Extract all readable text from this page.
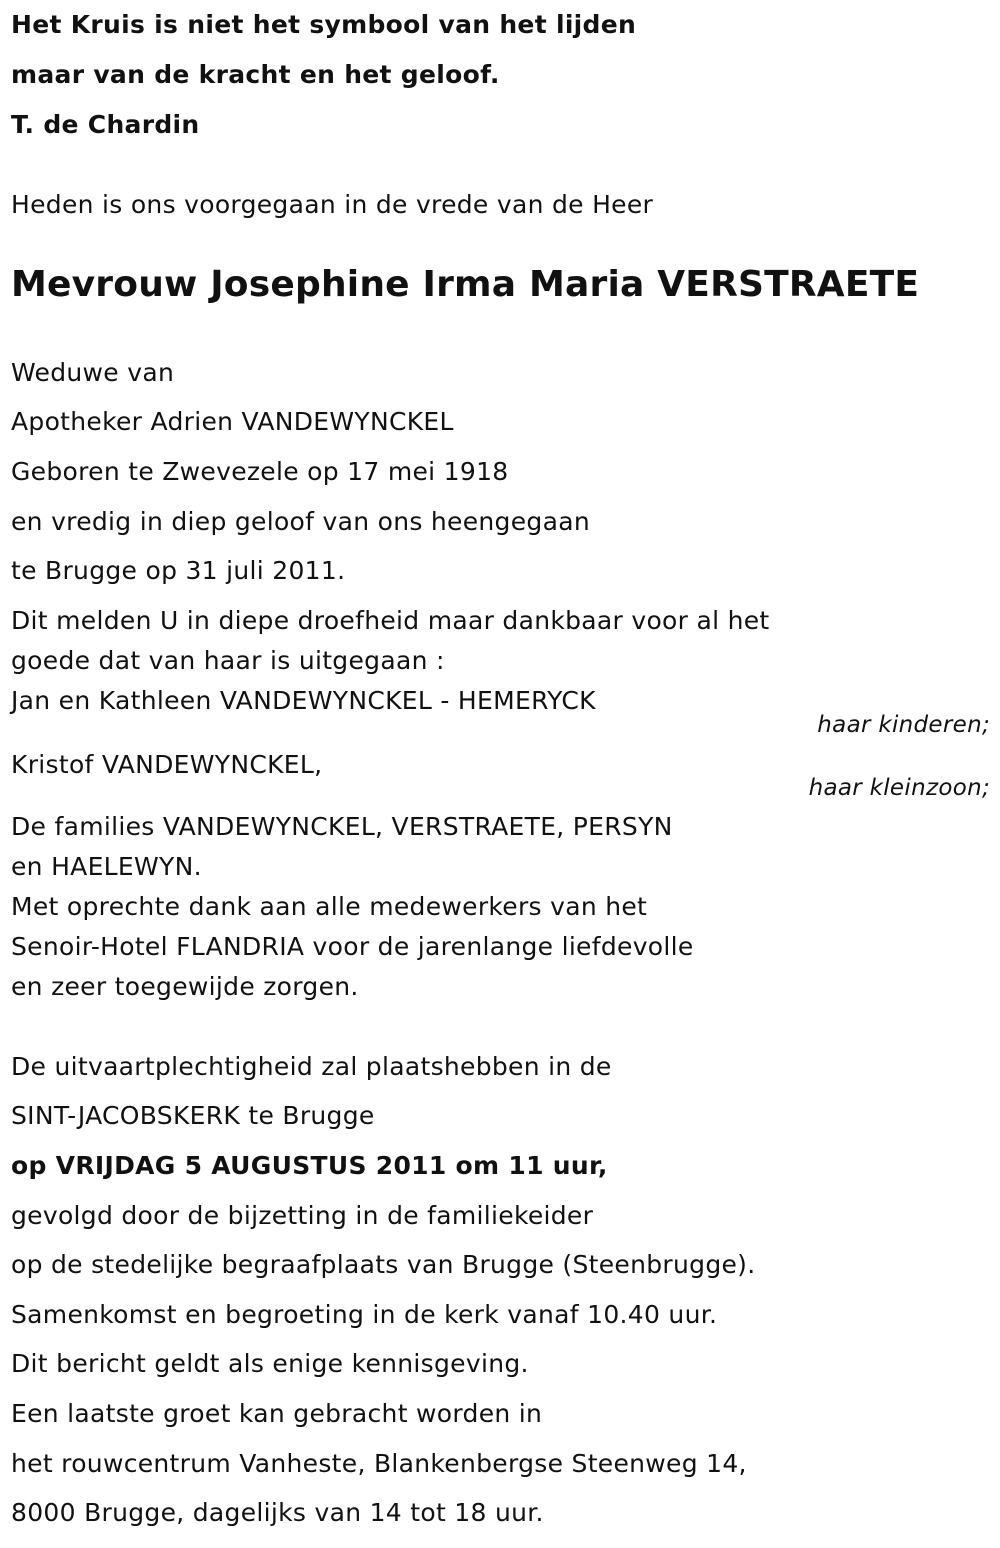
Het Kruis is niet het symbool van het lijden
maar van de kracht en het geloof.
T. de Chardin
Heden is ons voorgegaan in de vrede van de Heer
Mevrouw Josephine Irma Maria VERSTRAETE
Weduwe van
Apotheker Adrien VANDEWYNCKEL
Geboren te Zwevezele op 17 mei 1918
en vredig in diep geloof van ons heengegaan
te Brugge op 31 juli 2011.
Dit melden U in diepe droefheid maar dankbaar voor al het
goede dat van haar is uitgegaan :
Jan en Kathleen VANDEWYNCKEL - HEMERYCK
haar kinderen;
Kristof VANDEWYNCKEL,
haar kleinzoon;
De families VANDEWYNCKEL, VERSTRAETE, PERSYN
en HAELEWYN.
Met oprechte dank aan alle medewerkers van het
Senoir-Hotel FLANDRIA voor de jarenlange liefdevolle
en zeer toegewijde zorgen.
De uitvaartplechtigheid zal plaatshebben in de
SINT-JACOBSKERK te Brugge
op VRIJDAG 5 AUGUSTUS 2011 om 11 uur,
gevolgd door de bijzetting in de familiekeider
op de stedelijke begraafplaats van Brugge (Steenbrugge).
Samenkomst en begroeting in de kerk vanaf 10.40 uur.
Dit bericht geldt als enige kennisgeving.
Een laatste groet kan gebracht worden in
het rouwcentrum Vanheste, Blankenbergse Steenweg 14,
8000 Brugge, dagelijks van 14 tot 18 uur.
